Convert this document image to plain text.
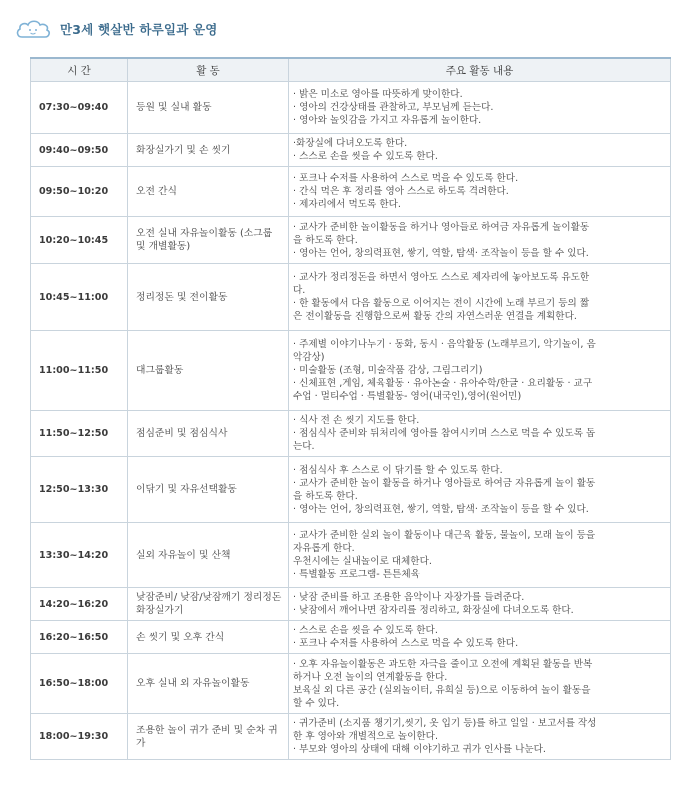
만3세 햇살반 하루일과 운영
시 간	활 동	주요 활동 내용
07:30~09:40	등원 및 실내 활동	· 밝은 미소로 영아를 따뜻하게 맞이한다.
· 영아의 건강상태를 관찰하고, 부모님께 듣는다.
· 영아와 놀잇감을 가지고 자유롭게 놀이한다.

09:40~09:50	화장실가기 및 손 씻기	·화장실에 다녀오도록 한다.
· 스스로 손을 씻을 수 있도록 한다.

09:50~10:20	오전 간식	· 포크나 수저를 사용하여 스스로 먹을 수 있도록 한다.
· 간식 먹은 후 정리를 영아 스스로 하도록 격려한다.
· 제자리에서 먹도록 한다.

10:20~10:45	오전 실내 자유놀이활동 (소그룹 및 개별활동)	· 교사가 준비한 놀이활동을 하거나 영아들로 하여금 자유롭게 놀이활동
을 하도록 한다.
· 영아는 언어, 창의력표현, 쌓기, 역할, 탐색· 조작놀이 등을 할 수 있다.

10:45~11:00	정리정돈 및 전이활동	· 교사가 정리정돈을 하면서 영아도 스스로 제자리에 놓아보도록 유도한
다.
· 한 활동에서 다음 활동으로 이어지는 전이 시간에 노래 부르기 등의 짧
은 전이활동을 진행함으로써 활동 간의 자연스러운 연결을 계획한다.

11:00~11:50	대그룹활동	· 주제별 이야기나누기 · 동화, 동시 · 음악활동 (노래부르기, 악기놀이, 음
악감상)
· 미술활동 (조형, 미술작품 감상, 그림그리기)
· 신체표현 ,게임, 체육활동 · 유아논술 · 유아수학/한글 · 요리활동 · 교구
수업 · 멀티수업 · 특별활동- 영어(내국인),영어(원어민)

11:50~12:50	점심준비 및 점심식사	· 식사 전 손 씻기 지도를 한다.
· 점심식사 준비와 뒤처리에 영아를 참여시키며 스스로 먹을 수 있도록 돕
는다.

12:50~13:30	이닦기 및 자유선택활동	· 점심식사 후 스스로 이 닦기를 할 수 있도록 한다.
· 교사가 준비한 놀이 활동을 하거나 영아들로 하여금 자유롭게 놀이 활동
을 하도록 한다.
· 영아는 언어, 창의력표현, 쌓기, 역할, 탐색· 조작놀이 등을 할 수 있다.

13:30~14:20	실외 자유놀이 및 산책	· 교사가 준비한 실외 놀이 활동이나 대근육 활동, 물놀이, 모래 놀이 등을
자유롭게 한다.
우천시에는 실내놀이로 대체한다.
· 특별활동 프로그램- 튼튼체육

14:20~16:20	낮잠준비/ 낮잠/낮잠깨기 정리정돈 화장실가기	· 낮잠 준비를 하고 조용한 음악이나 자장가를 들려준다.
· 낮잠에서 깨어나면 잠자리를 정리하고, 화장실에 다녀오도록 한다.

16:20~16:50	손 씻기 및 오후 간식	· 스스로 손을 씻을 수 있도록 한다.
· 포크나 수저를 사용하여 스스로 먹을 수 있도록 한다.

16:50~18:00	오후 실내 외 자유놀이활동	· 오후 자유놀이활동은 과도한 자극을 줄이고 오전에 계획된 활동을 반복
하거나 오전 놀이의 연계활동을 한다.
보육실 외 다른 공간 (실외놀이터, 유희실 등)으로 이동하여 놀이 활동을
할 수 있다.

18:00~19:30	조용한 놀이 귀가 준비 및 순차 귀가	· 귀가준비 (소지품 챙기기,씻기, 옷 입기 등)를 하고 일일 · 보고서를 작성
한 후 영아와 개별적으로 놀이한다.
· 부모와 영아의 상태에 대해 이야기하고 귀가 인사를 나눈다.
